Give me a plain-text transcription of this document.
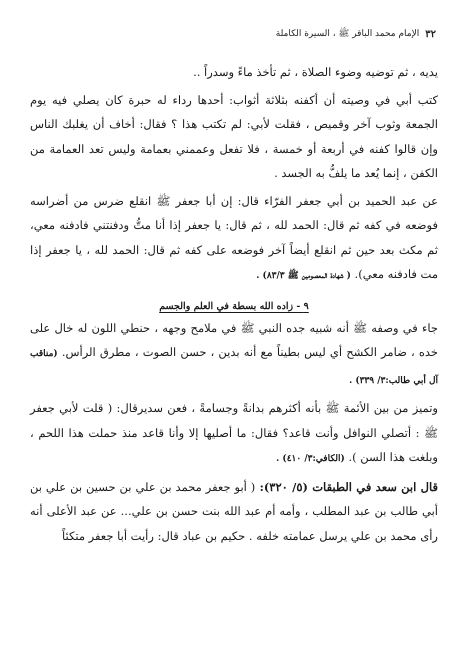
٣٢
الإمام محمد الباقر ﷺ ، السيرة الكاملة

يديه ، ثم توضيه وضوء الصلاة ، ثم تأخذ ماءً وسدراً ..

كتب أبي في وصيته أن أكفنه بثلاثة أثواب: أحدها رداء له حبرة كان يصلي فيه يوم الجمعة وثوب آخر وقميص ، فقلت لأبي: لم تكتب هذا ؟ فقال: أخاف أن يغلبك الناس وإن قالوا كفنه في أربعة أو خمسة ، فلا تفعل وعممني بعمامة وليس تعد العمامة من الكفن ، إنما يُعد ما يلفُّ به الجسد .

عن عبد الحميد بن أبي جعفر الفرّاء قال: إن أبا جعفر ﷺ انقلع ضرس من أضراسه فوضعه في كفه ثم قال: الحمد لله ، ثم قال: يا جعفر إذا أنا متُّ ودفنتني فادفنه معي، ثم مكث بعد حين ثم انقلع أيضاً آخر فوضعه على كفه ثم قال: الحمد لله ، يا جعفر إذا مت فادفنه معي). ( شهادة المعصومين ﷺ ٨٣/٣) .

٩ - زاده الله بسطة في العلم والجسم

جاء في وصفه ﷺ أنه شبيه جده النبي ﷺ في ملامح وجهه ، حنطي اللون له خال على خده ، ضامر الكشح أي ليس بطيناً مع أنه بدين ، حسن الصوت ، مطرق الرأس. (مناقب آل أبي طالب:٣/ ٣٣٩) .

وتميز من بين الأئمة ﷺ بأنه أكثرهم بدانةً وجسامةً ، فعن سديرقال: ( قلت لأبي جعفر ﷺ : أتصلي النوافل وأنت قاعد؟ فقال: ما أصليها إلا وأنا قاعد منذ حملت هذا اللحم ، وبلغت هذا السن ). (الكافي:٣/ ٤١٠) .

قال ابن سعد في الطبقات (٥/ ٣٢٠): ( أبو جعفر محمد بن علي بن حسين بن علي بن أبي طالب بن عبد المطلب ، وأمه أم عبد الله بنت حسن بن علي... عن عبد الأعلى أنه رأى محمد بن علي يرسل عمامته خلفه . حكيم بن عباد قال: رأيت أبا جعفر متكئاً
